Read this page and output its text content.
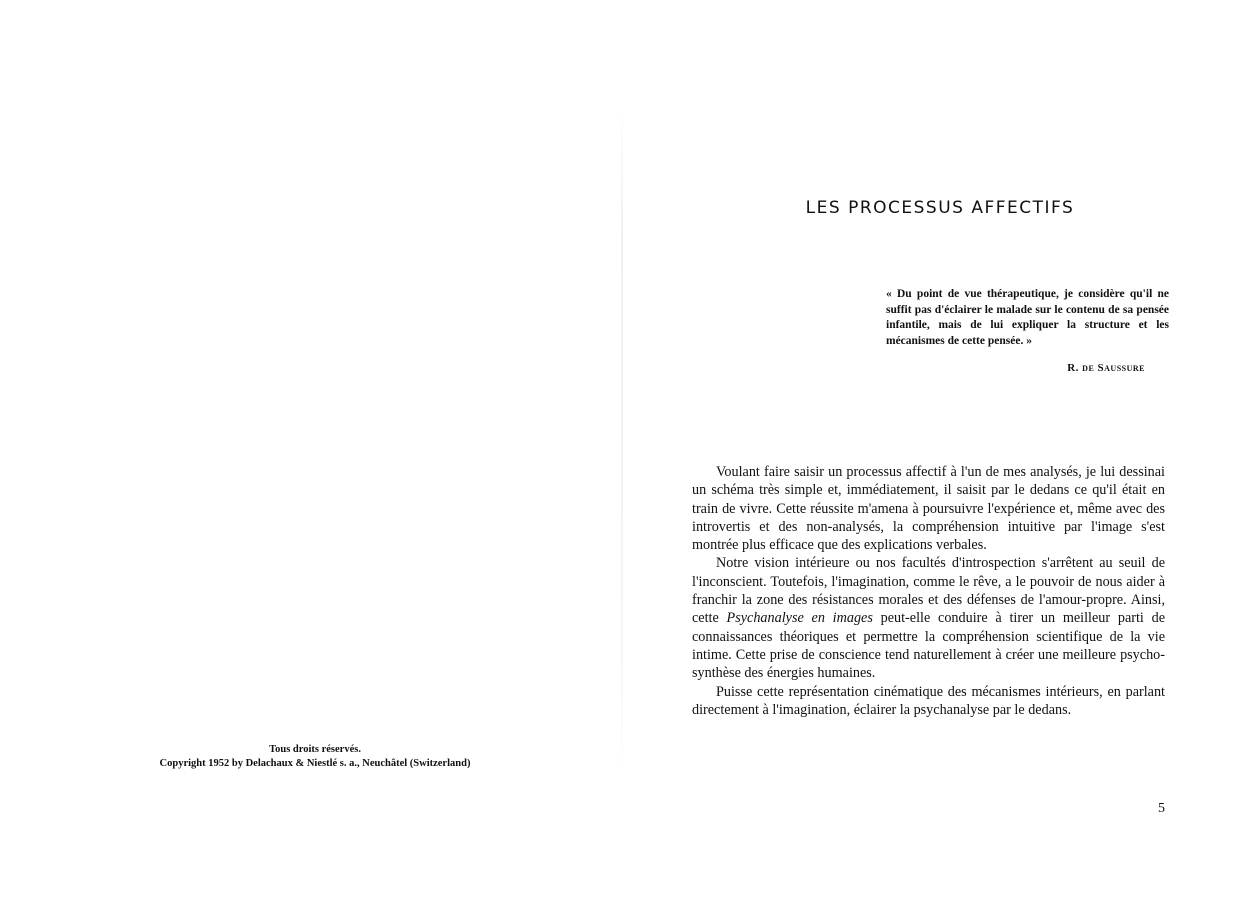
Tous droits réservés.
Copyright 1952 by Delachaux & Niestlé s. a., Neuchâtel (Switzerland)
LES PROCESSUS AFFECTIFS
« Du point de vue thérapeutique, je considère qu'il ne suffit pas d'éclairer le malade sur le contenu de sa pensée infantile, mais de lui expliquer la structure et les mécanismes de cette pensée. »
R. de Saussure

Voulant faire saisir un processus affectif à l'un de mes analysés, je lui dessinai un schéma très simple et, immédiatement, il saisit par le dedans ce qu'il était en train de vivre. Cette réussite m'amena à poursuivre l'expérience et, même avec des introvertis et des non-analysés, la compréhension intuitive par l'image s'est montrée plus efficace que des explications verbales.

Notre vision intérieure ou nos facultés d'introspection s'arrêtent au seuil de l'inconscient. Toutefois, l'imagination, comme le rêve, a le pouvoir de nous aider à franchir la zone des résistances morales et des défenses de l'amour-propre. Ainsi, cette Psychanalyse en images peut-elle conduire à tirer un meilleur parti de connaissances théoriques et permettre la compréhension scientifique de la vie intime. Cette prise de conscience tend naturellement à créer une meilleure psycho-synthèse des énergies humaines.

Puisse cette représentation cinématique des mécanismes intérieurs, en parlant directement à l'imagination, éclairer la psychanalyse par le dedans.

5
